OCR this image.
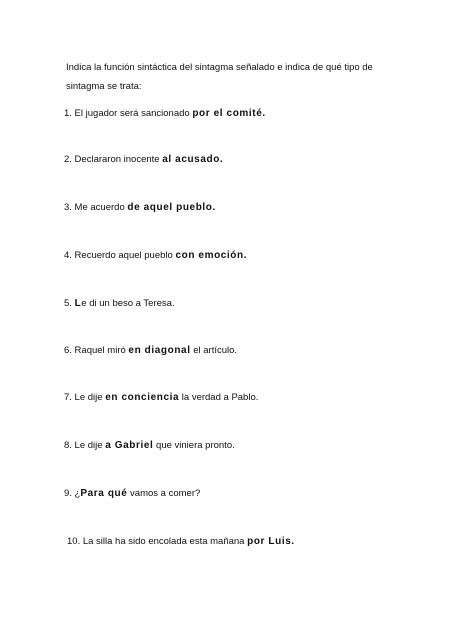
Indica la función sintáctica del sintagma señalado e indica de qué tipo de
sintagma se trata:

1. El jugador será sancionado por el comité.

2. Declararon inocente al acusado.

3. Me acuerdo de aquel pueblo.

4. Recuerdo aquel pueblo con emoción.

5. Le di un beso a Teresa.

6. Raquel miró en diagonal el artículo.

7. Le dije en conciencia la verdad a Pablo.

8. Le dije a Gabriel que viniera pronto.

9. ¿Para qué vamos a comer?

10. La silla ha sido encolada esta mañana por Luis.
